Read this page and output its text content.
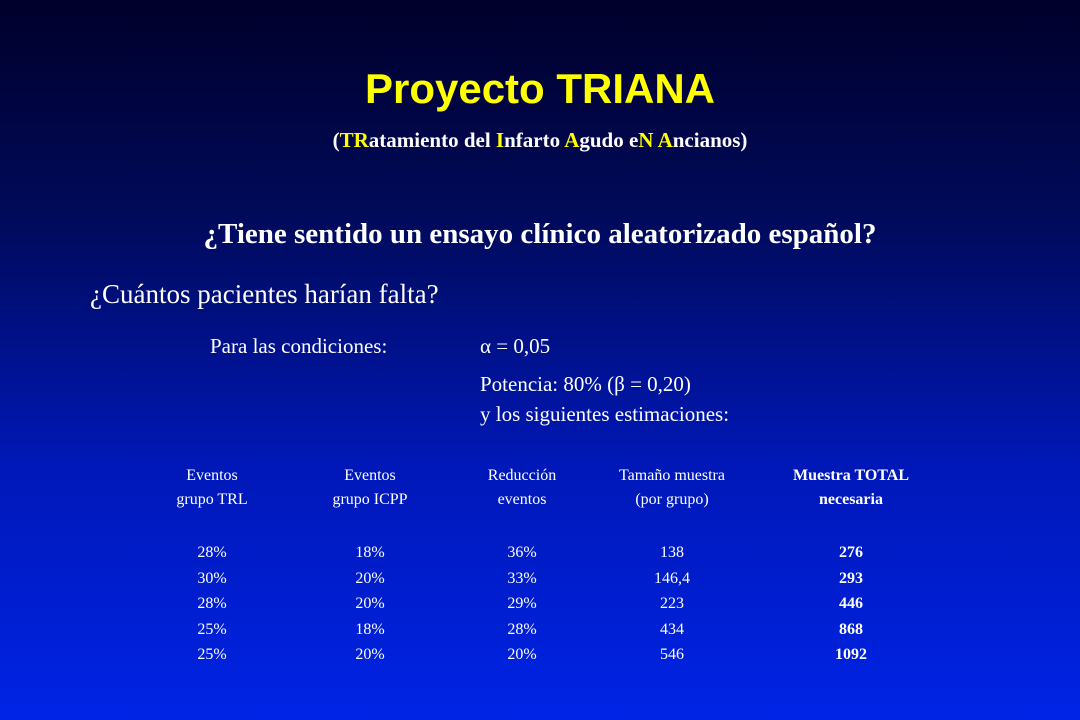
Proyecto TRIANA
(TRatamiento del Infarto Agudo eN Ancianos)
¿Tiene sentido un ensayo clínico aleatorizado español?
¿Cuántos pacientes harían falta?
Para las condiciones:	α = 0,05
Potencia: 80% (β = 0,20)
y los siguientes estimaciones:
Eventos
grupo TRL
28%
30%
28%
25%
25%
Eventos
grupo ICPP
18%
20%
20%
18%
20%
Reducción
eventos
36%
33%
29%
28%
20%
Tamaño muestra
(por grupo)
138
146,4
223
434
546
Muestra TOTAL
necesaria
276
293
446
868
1092
